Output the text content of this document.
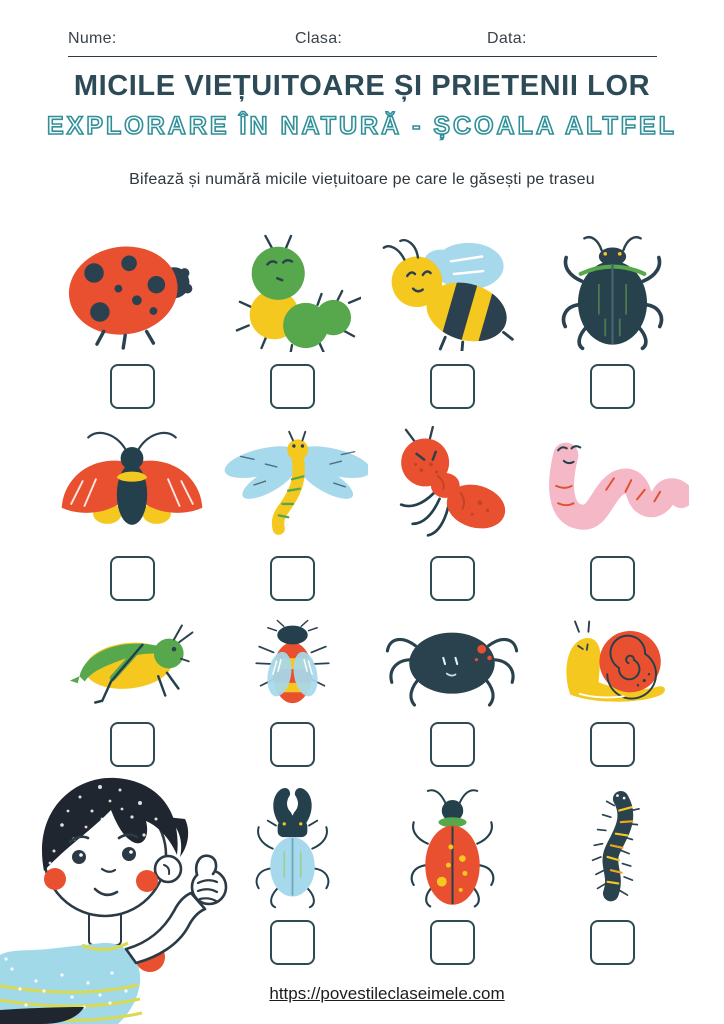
Nume:	Clasa:	Data:
MICILE VIEȚUITOARE ȘI PRIETENII LOR
EXPLORARE ÎN NATURĂ - ȘCOALA ALTFEL
Bifează și numără micile viețuitoare pe care le găsești pe traseu
https://povestileclaseimele.com
